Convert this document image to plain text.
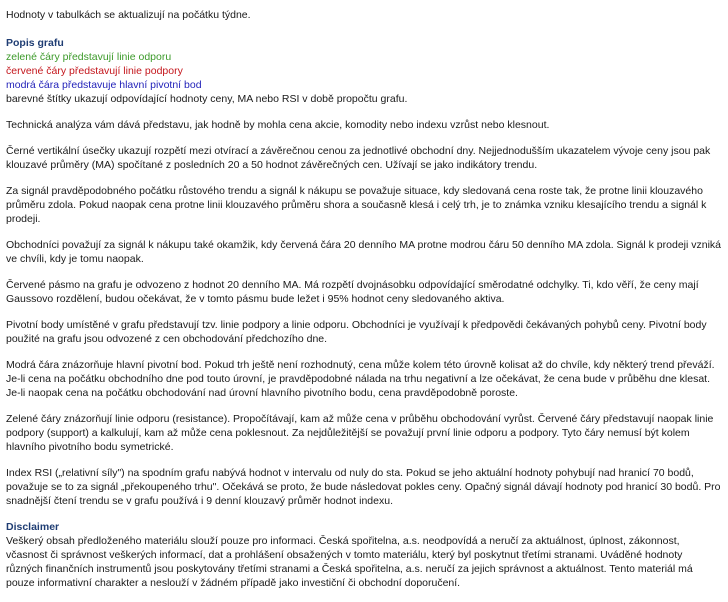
Hodnoty v tabulkách se aktualizují na počátku týdne.
Popis grafu
zelené čáry představují linie odporu
červené čáry představují linie podpory
modrá čára představuje hlavní pivotní bod
barevné štítky ukazují odpovídající hodnoty ceny, MA nebo RSI v době propočtu grafu.
Technická analýza vám dává představu, jak hodně by mohla cena akcie, komodity nebo indexu vzrůst nebo klesnout.
Černé vertikální úsečky ukazují rozpětí mezi otvírací a závěrečnou cenou za jednotlivé obchodní dny. Nejjednodušším ukazatelem vývoje ceny jsou pak klouzavé průměry (MA) spočítané z posledních 20 a 50 hodnot závěrečných cen. Užívají se jako indikátory trendu.
Za signál pravděpodobného počátku růstového trendu a signál k nákupu se považuje situace, kdy sledovaná cena roste tak, že protne linii klouzavého průměru zdola. Pokud naopak cena protne linii klouzavého průměru shora a současně klesá i celý trh, je to známka vzniku klesajícího trendu a signál k prodeji.
Obchodníci považují za signál k nákupu také okamžik, kdy červená čára 20 denního MA protne modrou čáru 50 denního MA zdola. Signál k prodeji vzniká ve chvíli, kdy je tomu naopak.
Červené pásmo na grafu je odvozeno z hodnot 20 denního MA. Má rozpětí dvojnásobku odpovídající směrodatné odchylky. Ti, kdo věří, že ceny mají Gaussovo rozdělení, budou očekávat, že v tomto pásmu bude ležet i 95% hodnot ceny sledovaného aktiva.
Pivotní body umístěné v grafu představují tzv. linie podpory a linie odporu. Obchodníci je využívají k předpovědi čekávaných pohybů ceny. Pivotní body použité na grafu jsou odvozené z cen obchodování předchozího dne.
Modrá čára znázorňuje hlavní pivotní bod. Pokud trh ještě není rozhodnutý, cena může kolem této úrovně kolisat až do chvíle, kdy některý trend převáží. Je-li cena na počátku obchodního dne pod touto úrovní, je pravděpodobné nálada na trhu negativní a lze očekávat, že cena bude v průběhu dne klesat. Je-li naopak cena na počátku obchodování nad úrovní hlavního pivotního bodu, cena pravděpodobně poroste.
Zelené čáry znázorňují linie odporu (resistance). Propočítávají, kam až může cena v průběhu obchodování vyrůst. Červené čáry představují naopak linie podpory (support) a kalkulují, kam až může cena poklesnout. Za nejdůležitější se považují první linie odporu a podpory. Tyto čáry nemusí být kolem hlavního pivotního bodu symetrické.
Index RSI („relativní síly") na spodním grafu nabývá hodnot v intervalu od nuly do sta. Pokud se jeho aktuální hodnoty pohybují nad hranicí 70 bodů, považuje se to za signál „překoupeného trhu". Očekává se proto, že bude následovat pokles ceny. Opačný signál dávají hodnoty pod hranicí 30 bodů. Pro snadnější čtení trendu se v grafu používá i 9 denní klouzavý průměr hodnot indexu.
Disclaimer
Veškerý obsah předloženého materiálu slouží pouze pro informaci. Česká spořitelna, a.s. neodpovídá a neručí za aktuálnost, úplnost, zákonnost, včasnost či správnost veškerých informací, dat a prohlášení obsažených v tomto materiálu, který byl poskytnut třetími stranami. Uváděné hodnoty různých finančních instrumentů jsou poskytovány třetími stranami a Česká spořitelna, a.s. neručí za jejich správnost a aktuálnost. Tento materiál má pouze informativní charakter a neslouží v žádném případě jako investiční či obchodní doporučení.
